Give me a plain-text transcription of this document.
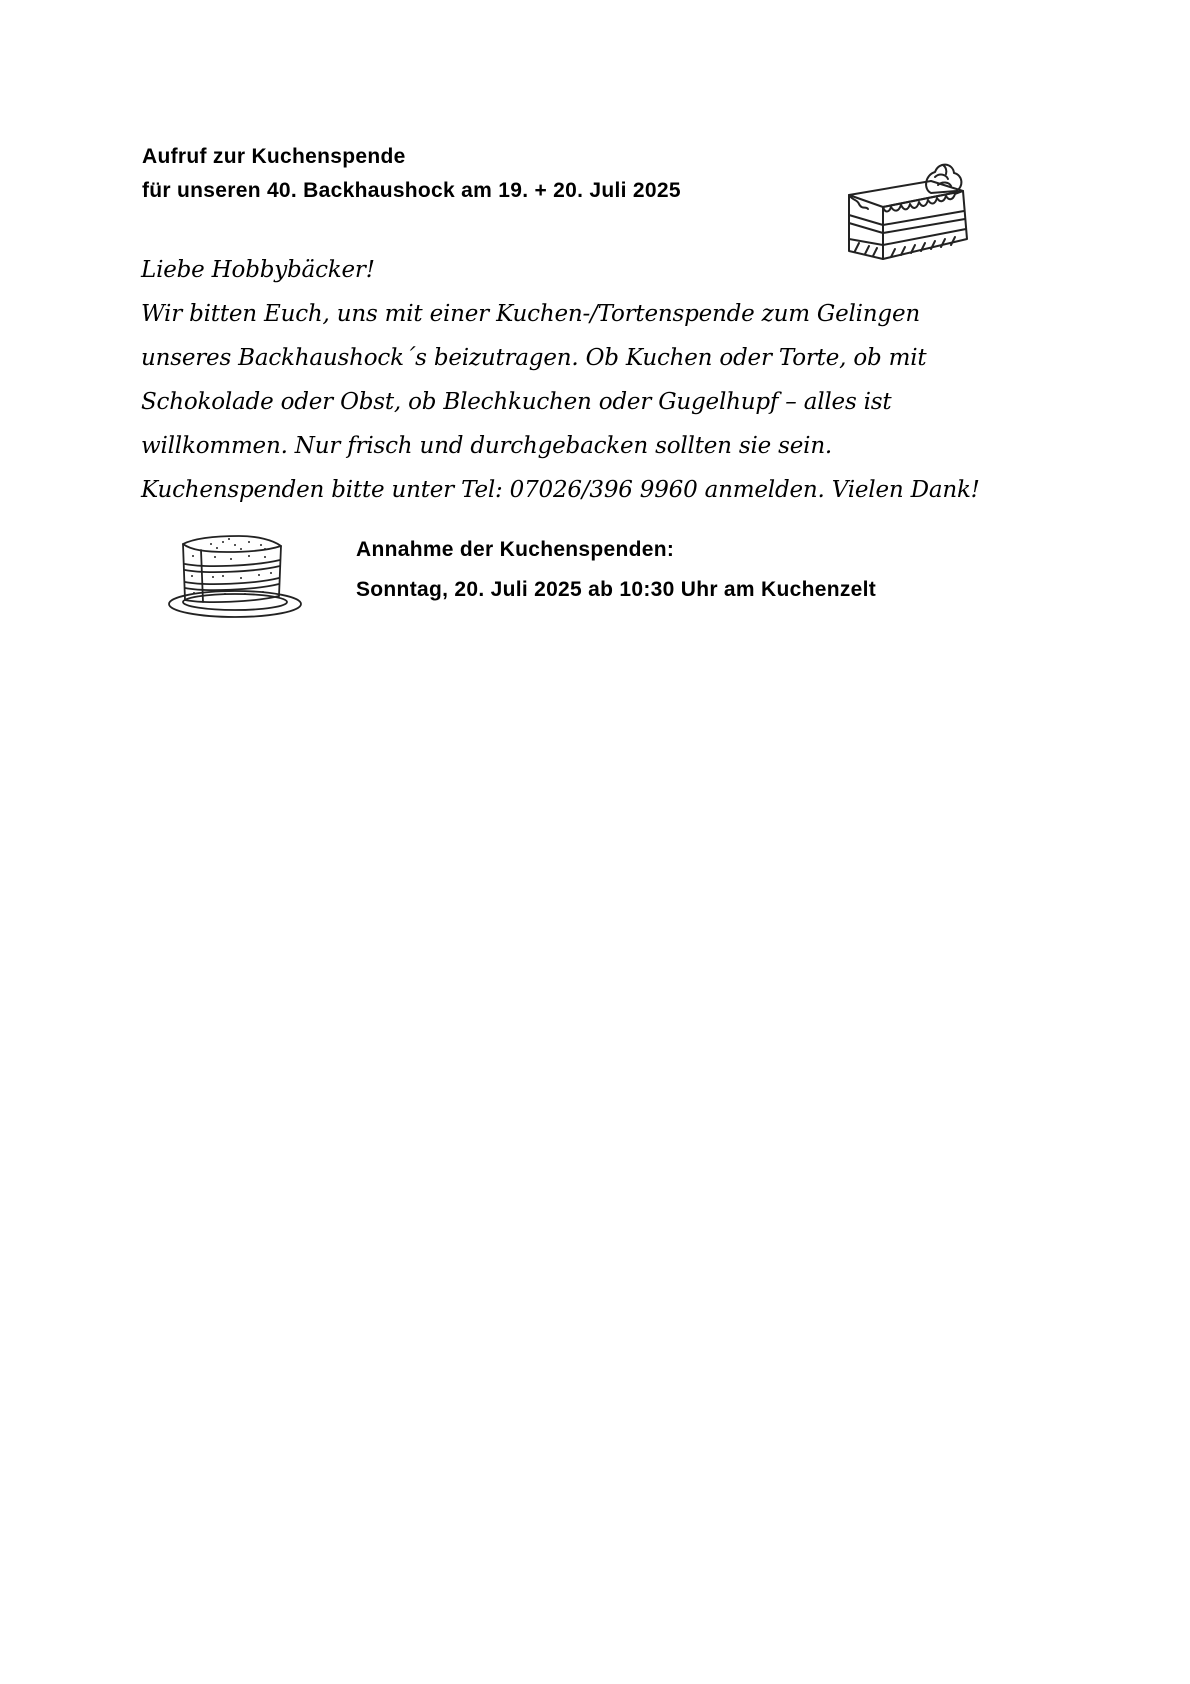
Aufruf zur Kuchenspende
für unseren 40. Backhaushock am 19. + 20. Juli 2025
Liebe Hobbybäcker!
Wir bitten Euch, uns mit einer Kuchen-/Tortenspende zum Gelingen
unseres Backhaushock´s beizutragen. Ob Kuchen oder Torte, ob mit
Schokolade oder Obst, ob Blechkuchen oder Gugelhupf – alles ist
willkommen. Nur frisch und durchgebacken sollten sie sein.
Kuchenspenden bitte unter Tel: 07026/396 9960 anmelden. Vielen Dank!
Annahme der Kuchenspenden:
Sonntag, 20. Juli 2025 ab 10:30 Uhr am Kuchenzelt
